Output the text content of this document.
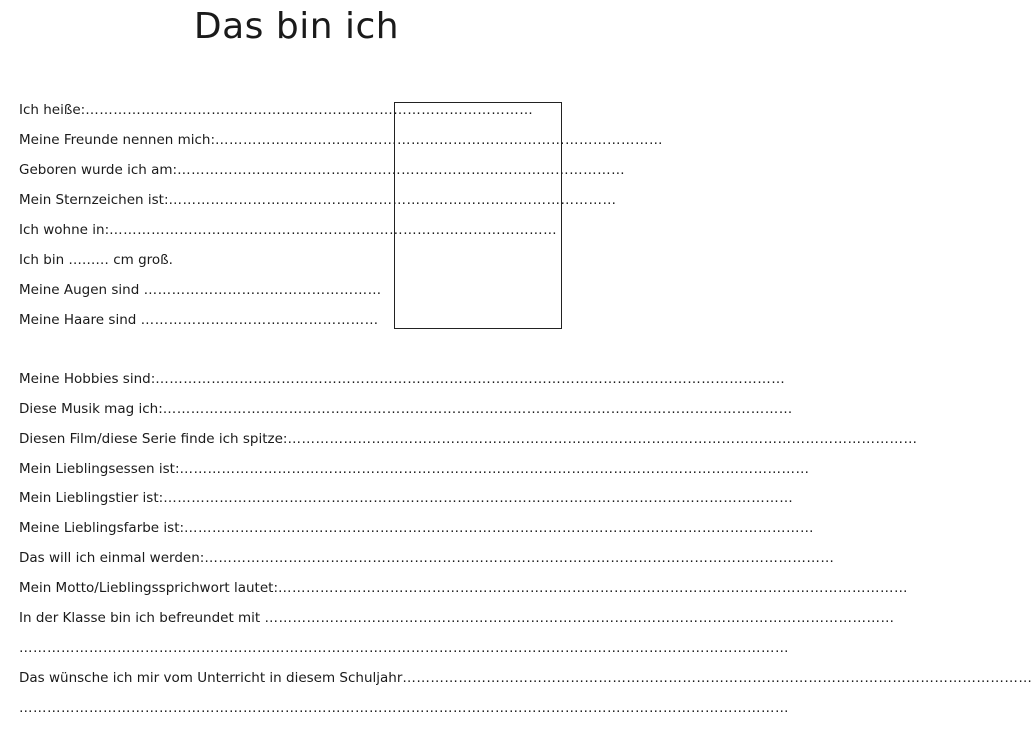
Das bin ich
Ich heiße:……………………………………………………………………………………
Meine Freunde nennen mich:……………………………………………………………………………………
Geboren wurde ich am:……………………………………………………………………………………
Mein Sternzeichen ist:……………………………………………………………………………………
Ich wohne in:……………………………………………………………………………………
Ich bin ……… cm groß.
Meine Augen sind ……………………………………………
Meine Haare sind ……………………………………………
Meine Hobbies sind:………………………………………………………………………………………………………………………
Diese Musik mag ich:………………………………………………………………………………………………………………………
Diesen Film/diese Serie finde ich spitze:………………………………………………………………………………………………………………………
Mein Lieblingsessen ist:………………………………………………………………………………………………………………………
Mein Lieblingstier ist:………………………………………………………………………………………………………………………
Meine Lieblingsfarbe ist:………………………………………………………………………………………………………………………
Das will ich einmal werden:………………………………………………………………………………………………………………………
Mein Motto/Lieblingssprichwort lautet:………………………………………………………………………………………………………………………
In der Klasse bin ich befreundet mit ………………………………………………………………………………………………………………………
…………………………………………………………………………………………………………………………………………………
Das wünsche ich mir vom Unterricht in diesem Schuljahr………………………………………………………………………………………………………………………
…………………………………………………………………………………………………………………………………………………
